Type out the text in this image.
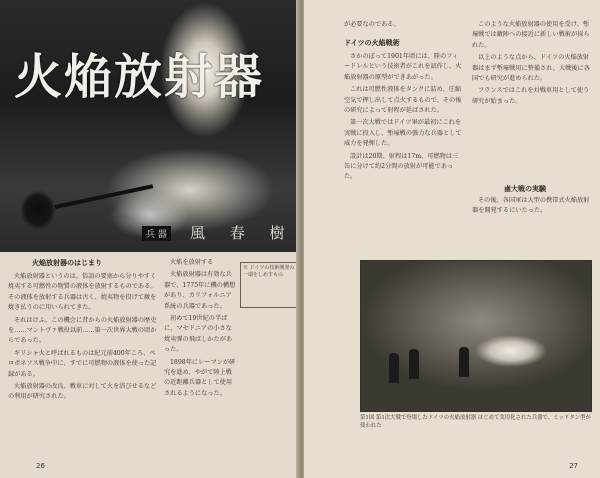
火焔放射器
兵 器 風 春 樹
火焔放射器のはじまり

火焔放射器というのは、俗語の要塞から分りやすく焼夷する可燃性の物質の液体を放射するものである。その液体を放射する兵器は古く、焼夷物を投げて敵を焼き払うのに用いられてきた。

それはけふ、この機会に昔からの火焔放射器の歴史を……マントヴァ戦役以前……第一次世界大戦の頃からであった。

ギリシャ火と呼ばれるものは紀元前400年ころ、ペロポネソス戦争中に、すでに可燃物の液体を使った記録がある。

火焔放射器の改良、戦車に対して火を浴びせるなどの利用が研究された。

火焔を放射する

火焔放射器は有効な兵器で、1775年に機の構想があり、カリフォルニア系統の兵器であった。

初めて19世紀の半ばに、マセドニアの小さな焼夷弾の飛ばしかたがあった。

1898年にレーマンが研究を進め、やがて陸上戦の近距離兵器として使用されるようになった。

※ ドイツの技術開発の一端をしめすもの
26
が必要なのである。
ドイツの火焔戦術

さかのぼって1901年頃には、陸のフィードレルという技術者がこれを試作し、火焔放射器の原型ができあがった。

これは可燃性液体をタンクに詰め、圧縮空気で押し出して点火するもので、その後の研究によって射程が延ばされた。

第一次大戦ではドイツ軍が最初にこれを実戦に投入し、塹壕戦の強力な兵器として威力を発揮した。

設計は20期、射程は17m、可燃物は三缶に分けて約2分間の放射が可能であった。

鹵大戦の実験

このような火焔放射器の使用を受け、塹壕戦では敵陣への接近に新しい戦術が採られた。

以上のような点から、ドイツの火焔放射器はまず塹壕戦用に整備され、大戦後に各国でも研究が進められた。

フランスではこれを対戦車用として使う研究が始まった。

その後、各国軍は大型の携帯式火焔放射器を開発するにいたった。

27
第1図 第1次大戦で登場したドイツの火焔放射器 はじめて実用化された兵器で、ミッドタン型が使われた
